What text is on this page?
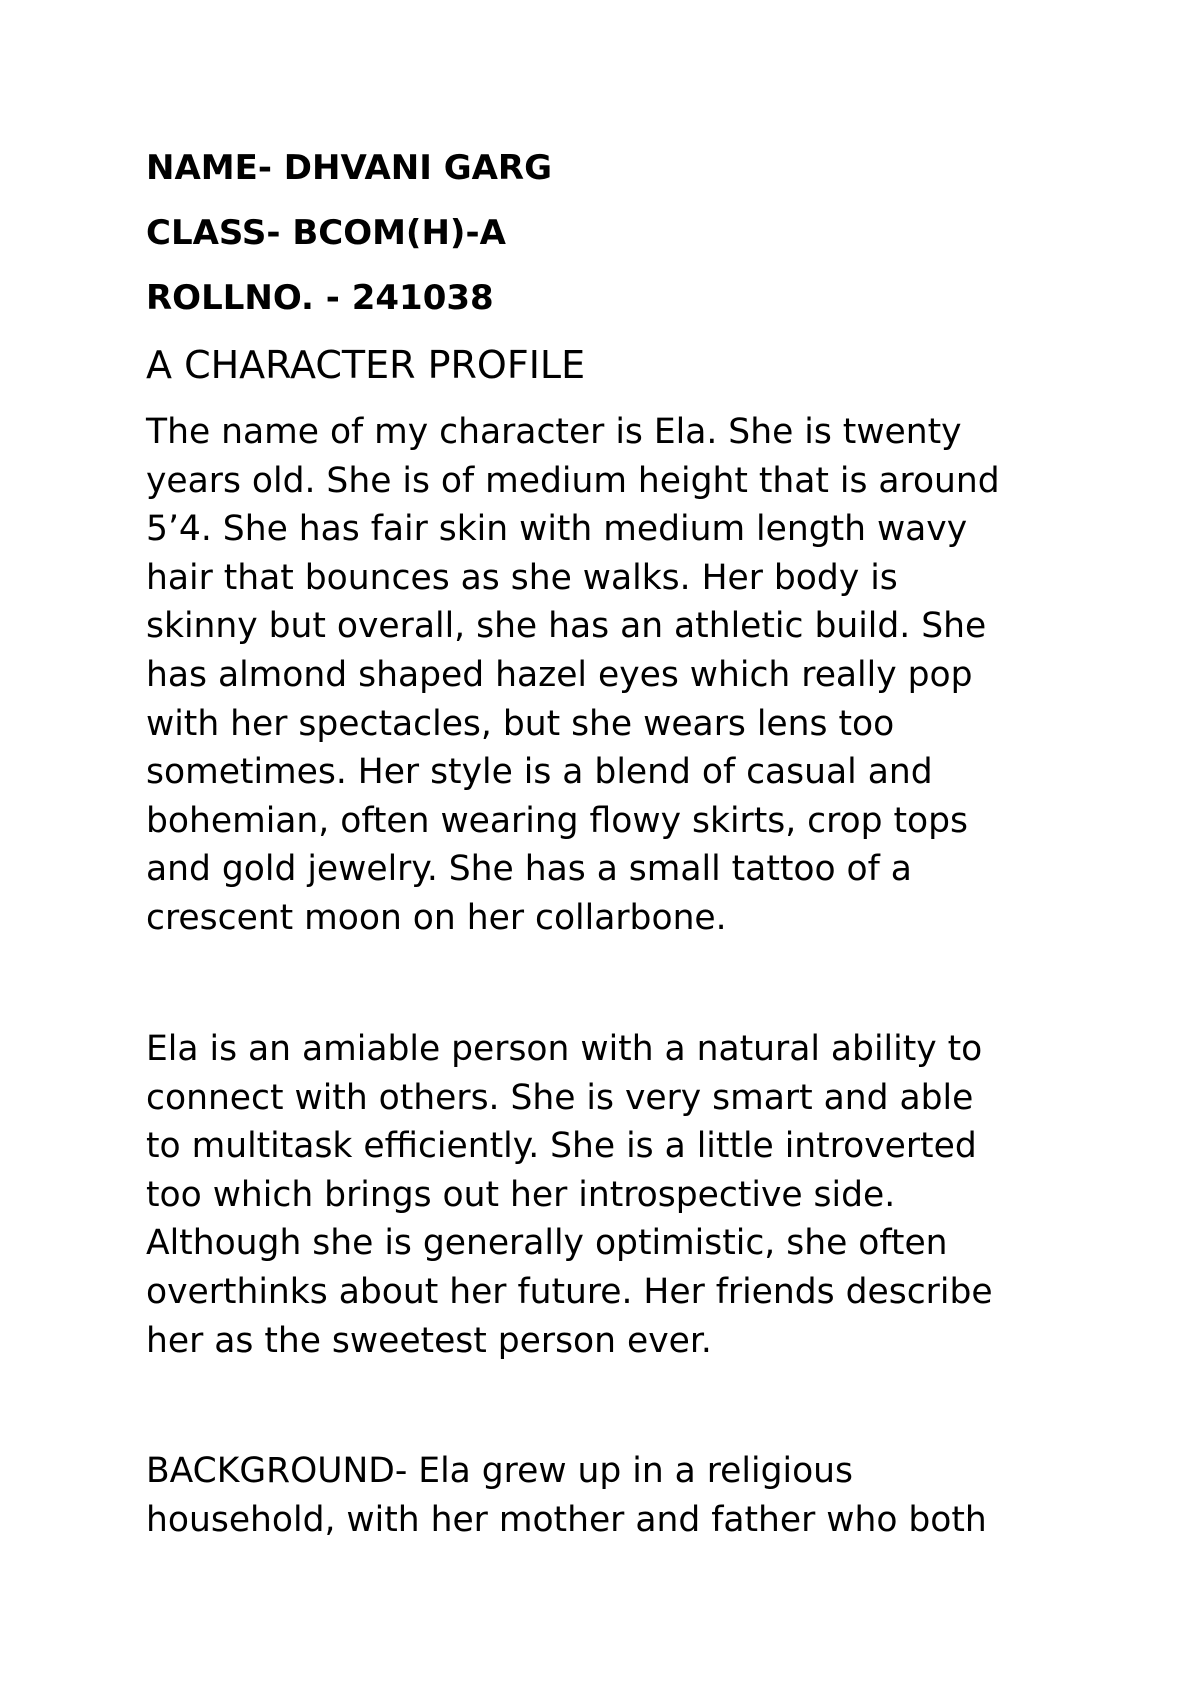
NAME- DHVANI GARG

CLASS- BCOM(H)-A

ROLLNO. - 241038

A CHARACTER PROFILE

The name of my character is Ela. She is twenty
years old. She is of medium height that is around
5’4. She has fair skin with medium length wavy
hair that bounces as she walks. Her body is
skinny but overall, she has an athletic build. She
has almond shaped hazel eyes which really pop
with her spectacles, but she wears lens too
sometimes. Her style is a blend of casual and
bohemian, often wearing flowy skirts, crop tops
and gold jewelry. She has a small tattoo of a
crescent moon on her collarbone.

Ela is an amiable person with a natural ability to
connect with others. She is very smart and able
to multitask efficiently. She is a little introverted
too which brings out her introspective side.
Although she is generally optimistic, she often
overthinks about her future. Her friends describe
her as the sweetest person ever.

BACKGROUND- Ela grew up in a religious
household, with her mother and father who both
